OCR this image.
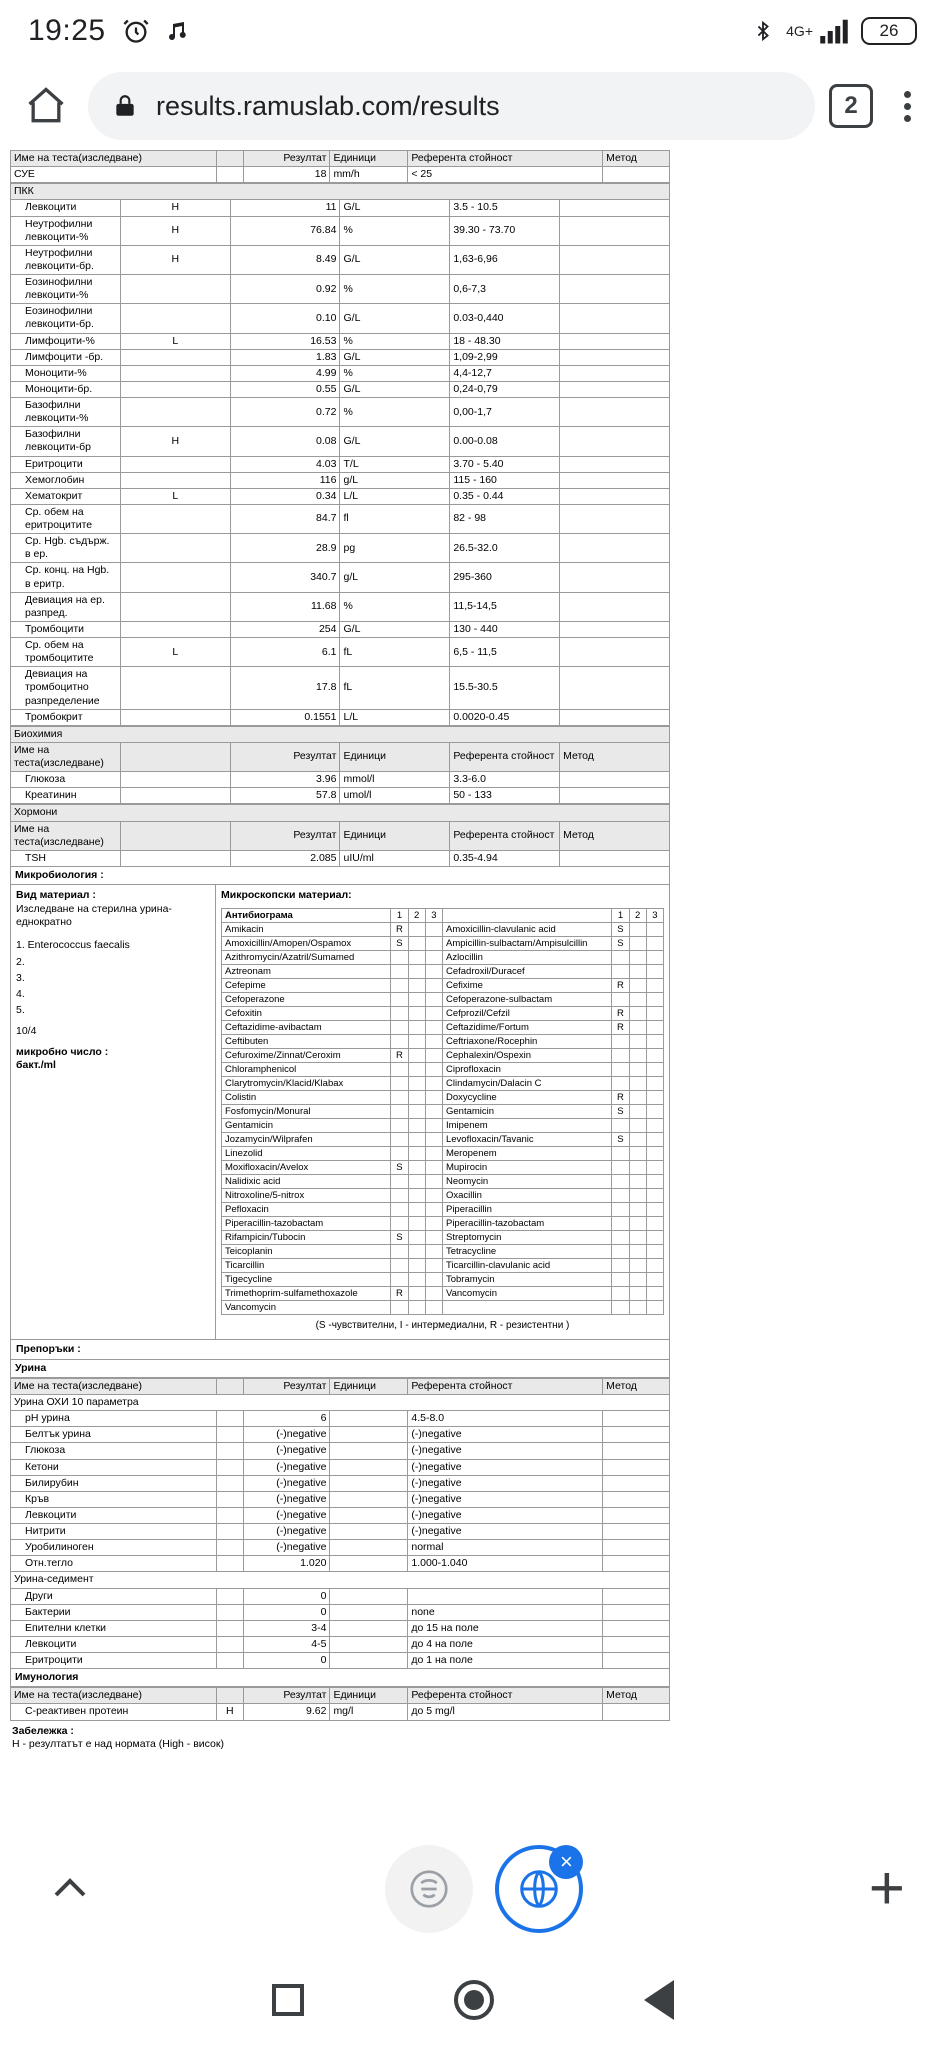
19:25	4G+	26
results.ramuslab.com/results	2
Име на теста(изследване)		Резултат	Единици	Референта стойност	Метод
СУЕ		18	mm/h	< 25	
ПКК					
Левкоцити	H	11	G/L	3.5 - 10.5	
Неутрофилни левкоцити-%	H	76.84	%	39.30 - 73.70	
Неутрофилни левкоцити-бр.	H	8.49	G/L	1,63-6,96	
Еозинофилни левкоцити-%		0.92	%	0,6-7,3	
Еозинофилни левкоцити-бр.		0.10	G/L	0.03-0,440	
Лимфоцити-%	L	16.53	%	18 - 48.30	
Лимфоцити -бр.		1.83	G/L	1,09-2,99	
Моноцити-%		4.99	%	4,4-12,7	
Моноцити-бр.		0.55	G/L	0,24-0,79	
Базофилни левкоцити-%		0.72	%	0,00-1,7	
Базофилни левкоцити-бр	H	0.08	G/L	0.00-0.08	
Еритроцити		4.03	T/L	3.70 - 5.40	
Хемоглобин		116	g/L	115 - 160	
Хематокрит	L	0.34	L/L	0.35 - 0.44	
Ср. обем на еритроцитите		84.7	fl	82 - 98	
Ср. Hgb. съдърж. в ер.		28.9	pg	26.5-32.0	
Ср. конц. на Hgb. в еритр.		340.7	g/L	295-360	
Девиация на ер. разпред.		11.68	%	11,5-14,5	
Тромбоцити		254	G/L	130 - 440	
Ср. обем на тромбоцитите	L	6.1	fL	6,5 - 11,5	
Девиация на тромбоцитно разпределение		17.8	fL	15.5-30.5	
Тромбокрит		0.1551	L/L	0.0020-0.45	
Биохимия					
Име на теста(изследване)		Резултат	Единици	Референта стойност	Метод
Глюкоза		3.96	mmol/l	3.3-6.0	
Креатинин		57.8	umol/l	50 - 133	
Хормони					
Име на теста(изследване)		Резултат	Единици	Референта стойност	Метод
TSH		2.085	uIU/ml	0.35-4.94	
Микробиология :
Вид материал :
Изследване на стерилна урина-еднократно
1. Enterococcus faecalis
2.
3.
4.
5.
10/4
микробно число :
бакт./ml
Микроскопски материал:
Антибиограма	1	2	3		1	2	3
Amikacin	R			Amoxicillin-clavulanic acid	S		
Amoxicillin/Amopen/Ospamox	S			Ampicillin-sulbactam/Ampisulcillin	S		
Azithromycin/Azatril/Sumamed				Azlocillin			
Aztreonam				Cefadroxil/Duracef			
Cefepime				Cefixime	R		
Cefoperazone				Cefoperazone-sulbactam			
Cefoxitin				Cefprozil/Cefzil	R		
Ceftazidime-avibactam				Ceftazidime/Fortum	R		
Ceftibuten				Ceftriaxone/Rocephin			
Cefuroxime/Zinnat/Ceroxim	R			Cephalexin/Ospexin			
Chloramphenicol				Ciprofloxacin			
Clarytromycin/Klacid/Klabax				Clindamycin/Dalacin C			
Colistin				Doxycycline	R		
Fosfomycin/Monural				Gentamicin	S		
Gentamicin				Imipenem			
Jozamycin/Wilprafen				Levofloxacin/Tavanic	S		
Linezolid				Meropenem			
Moxifloxacin/Avelox	S			Mupirocin			
Nalidixic acid				Neomycin			
Nitroxoline/5-nitrox				Oxacillin			
Pefloxacin				Piperacillin			
Piperacillin-tazobactam				Piperacillin-tazobactam			
Rifampicin/Tubocin	S			Streptomycin			
Teicoplanin				Tetracycline			
Ticarcillin				Ticarcillin-clavulanic acid			
Tigecycline				Tobramycin			
Trimethoprim-sulfamethoxazole	R			Vancomycin			
Vancomycin							
(S -чувствителни, I - интермедиални, R - резистентни )
Препоръки :
Урина
Име на теста(изследване)		Резултат	Единици	Референта стойност	Метод
Урина ОХИ 10 параметра					
pH урина		6		4.5-8.0	
Белтък урина		(-)negative		(-)negative	
Глюкоза		(-)negative		(-)negative	
Кетони		(-)negative		(-)negative	
Билирубин		(-)negative		(-)negative	
Кръв		(-)negative		(-)negative	
Левкоцити		(-)negative		(-)negative	
Нитрити		(-)negative		(-)negative	
Уробилиноген		(-)negative		normal	
Отн.тегло		1.020		1.000-1.040	
Урина-седимент					
Други		0			
Бактерии		0		none	
Епителни клетки		3-4		до 15 на поле	
Левкоцити		4-5		до 4 на поле	
Еритроцити		0		до 1 на поле	
Имунология
Име на теста(изследване)		Резултат	Единици	Референта стойност	Метод
С-реактивен протеин	H	9.62	mg/l	до 5 mg/l	
Забележка :
Н - резултатът е над нормата (High - висок)
×	+
